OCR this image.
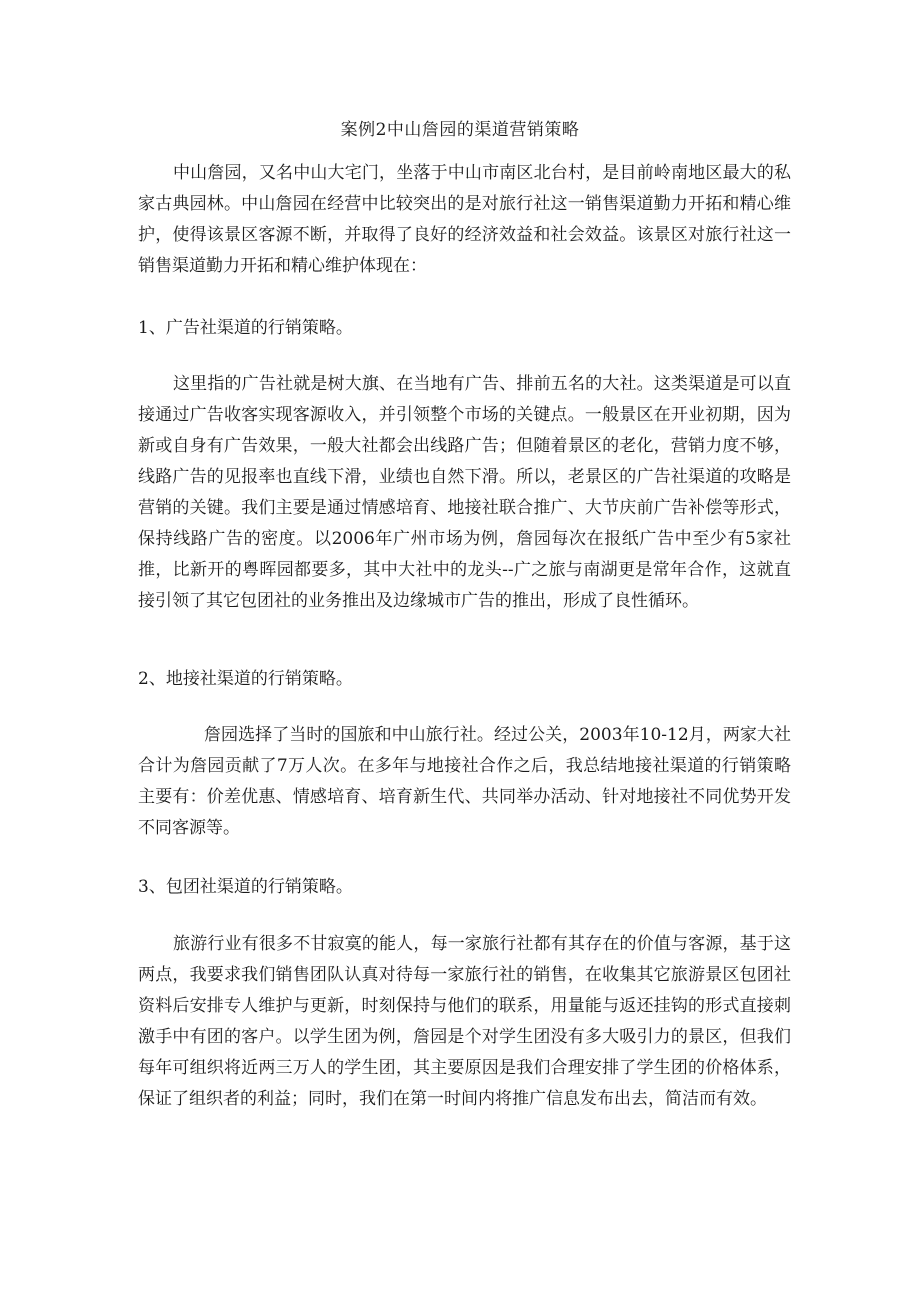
案例2中山詹园的渠道营销策略

中山詹园，又名中山大宅门，坐落于中山市南区北台村，是目前岭南地区最大的私家古典园林。中山詹园在经营中比较突出的是对旅行社这一销售渠道勤力开拓和精心维护，使得该景区客源不断，并取得了良好的经济效益和社会效益。该景区对旅行社这一销售渠道勤力开拓和精心维护体现在：

1、广告社渠道的行销策略。

这里指的广告社就是树大旗、在当地有广告、排前五名的大社。这类渠道是可以直接通过广告收客实现客源收入，并引领整个市场的关键点。一般景区在开业初期，因为新或自身有广告效果，一般大社都会出线路广告；但随着景区的老化，营销力度不够，线路广告的见报率也直线下滑，业绩也自然下滑。所以，老景区的广告社渠道的攻略是营销的关键。我们主要是通过情感培育、地接社联合推广、大节庆前广告补偿等形式，保持线路广告的密度。以2006年广州市场为例，詹园每次在报纸广告中至少有5家社推，比新开的粤晖园都要多，其中大社中的龙头--广之旅与南湖更是常年合作，这就直接引领了其它包团社的业务推出及边缘城市广告的推出，形成了良性循环。

2、地接社渠道的行销策略。

詹园选择了当时的国旅和中山旅行社。经过公关，2003年10-12月，两家大社合计为詹园贡献了7万人次。在多年与地接社合作之后，我总结地接社渠道的行销策略主要有：价差优惠、情感培育、培育新生代、共同举办活动、针对地接社不同优势开发不同客源等。

3、包团社渠道的行销策略。

旅游行业有很多不甘寂寞的能人，每一家旅行社都有其存在的价值与客源，基于这两点，我要求我们销售团队认真对待每一家旅行社的销售，在收集其它旅游景区包团社资料后安排专人维护与更新，时刻保持与他们的联系，用量能与返还挂钩的形式直接刺激手中有团的客户。以学生团为例，詹园是个对学生团没有多大吸引力的景区，但我们每年可组织将近两三万人的学生团，其主要原因是我们合理安排了学生团的价格体系，保证了组织者的利益；同时，我们在第一时间内将推广信息发布出去，简洁而有效。
